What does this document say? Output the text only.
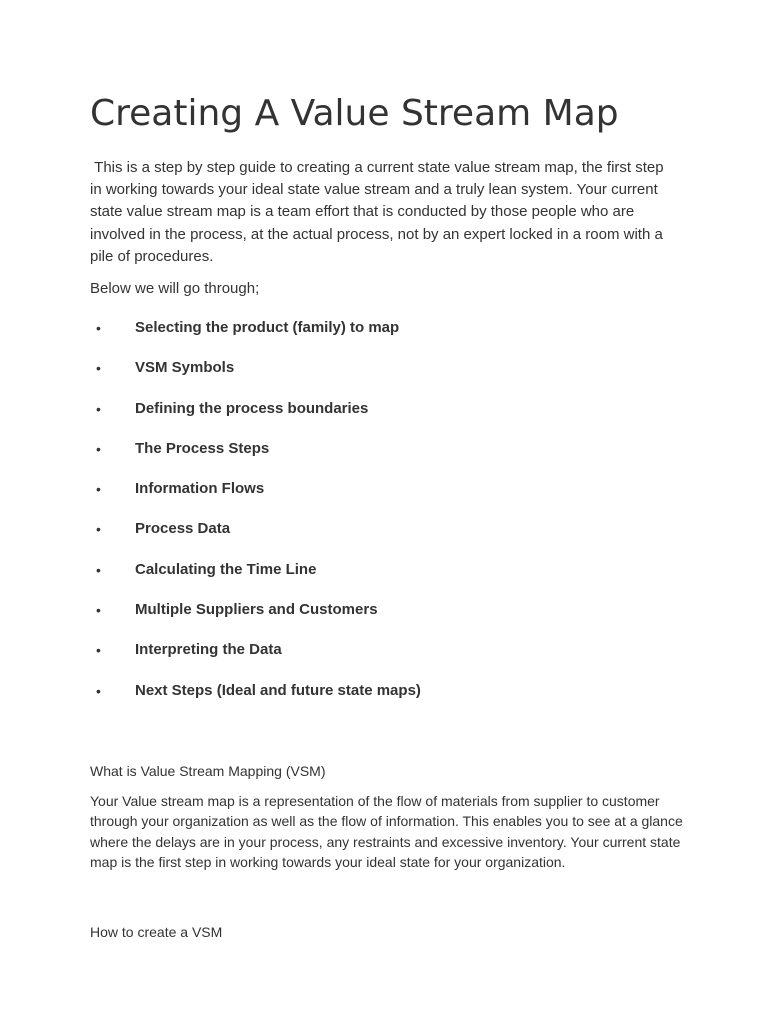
Creating A Value Stream Map

This is a step by step guide to creating a current state value stream map, the first step
in working towards your ideal state value stream and a truly lean system. Your current
state value stream map is a team effort that is conducted by those people who are
involved in the process, at the actual process, not by an expert locked in a room with a
pile of procedures.

Below we will go through;

• Selecting the product (family) to map
• VSM Symbols
• Defining the process boundaries
• The Process Steps
• Information Flows
• Process Data
• Calculating the Time Line
• Multiple Suppliers and Customers
• Interpreting the Data
• Next Steps (Ideal and future state maps)

What is Value Stream Mapping (VSM)

Your Value stream map is a representation of the flow of materials from supplier to customer
through your organization as well as the flow of information. This enables you to see at a glance
where the delays are in your process, any restraints and excessive inventory. Your current state
map is the first step in working towards your ideal state for your organization.

How to create a VSM
